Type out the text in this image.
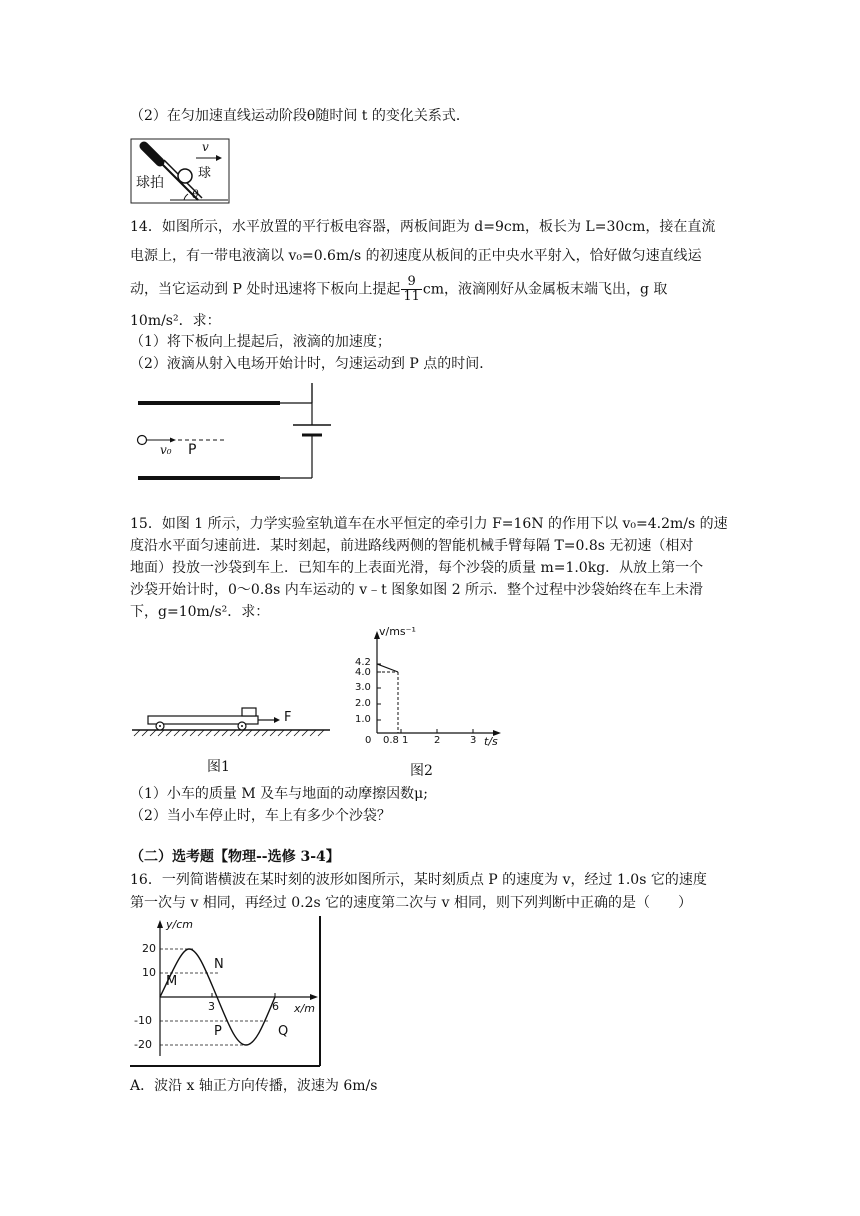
（2）在匀加速直线运动阶段θ随时间 t 的变化关系式．
球拍
球
v
θ
14．如图所示，水平放置的平行板电容器，两板间距为 d=9cm，板长为 L=30cm，接在直流
电源上，有一带电液滴以 v₀=0.6m/s 的初速度从板间的正中央水平射入，恰好做匀速直线运
动，当它运动到 P 处时迅速将下板向上提起 $\frac{9}{11}$ cm，液滴刚好从金属板末端飞出，g 取
10m/s²．求：
（1）将下板向上提起后，液滴的加速度；
（2）液滴从射入电场开始计时，匀速运动到 P 点的时间．
v₀ P
15．如图 1 所示，力学实验室轨道车在水平恒定的牵引力 F=16N 的作用下以 v₀=4.2m/s 的速
度沿水平面匀速前进．某时刻起，前进路线两侧的智能机械手臂每隔 T=0.8s 无初速（相对
地面）投放一沙袋到车上．已知车的上表面光滑，每个沙袋的质量 m=1.0kg．从放上第一个
沙袋开始计时，0～0.8s 内车运动的 v﹣t 图象如图 2 所示．整个过程中沙袋始终在车上未滑
下，g=10m/s²．求：
F
图1
v/ms⁻¹
4.2
4.0
3.0
2.0
1.0
0 0.8 1	2	3 t/s
图2
（1）小车的质量 M 及车与地面的动摩擦因数μ;
（2）当小车停止时，车上有多少个沙袋？
（二）选考题【物理--选修 3-4】
16．一列简谐横波在某时刻的波形如图所示，某时刻质点 P 的速度为 v，经过 1.0s 它的速度
第一次与 v 相同，再经过 0.2s 它的速度第二次与 v 相同，则下列判断中正确的是（　　）
y/cm
20
10
-10
-20
3	6 x/m
M
N
P	Q
A．波沿 x 轴正方向传播，波速为 6m/s
